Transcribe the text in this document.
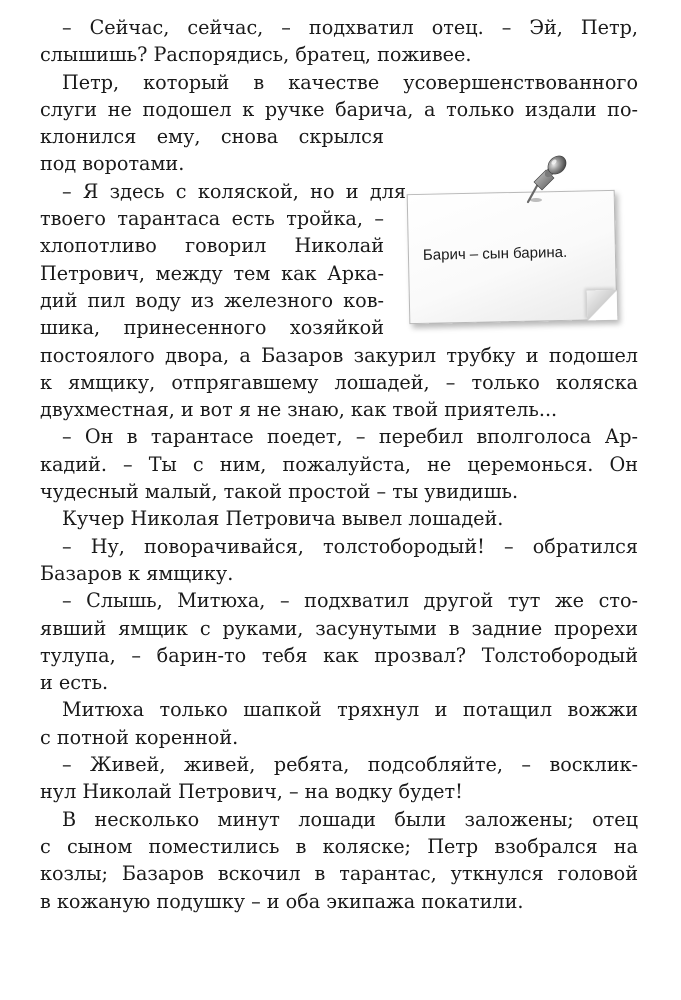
– Сейчас, сейчас, – подхватил отец. – Эй, Петр,
слышишь? Распорядись, братец, поживее.
Петр, который в качестве усовершенствованного
слуги не подошел к ручке барича, а только издали по-
клонился ему, снова скрылся
под воротами.
– Я здесь с коляской, но и для
твоего тарантаса есть тройка, –
хлопотливо говорил Николай
Петрович, между тем как Арка-
дий пил воду из железного ков-
шика, принесенного хозяйкой
постоялого двора, а Базаров закурил трубку и подошел
к ямщику, отпрягавшему лошадей, – только коляска
двухместная, и вот я не знаю, как твой приятель...
– Он в тарантасе поедет, – перебил вполголоса Ар-
кадий. – Ты с ним, пожалуйста, не церемонься. Он
чудесный малый, такой простой – ты увидишь.
Кучер Николая Петровича вывел лошадей.
– Ну, поворачивайся, толстобородый! – обратился
Базаров к ямщику.
– Слышь, Митюха, – подхватил другой тут же сто-
явший ямщик с руками, засунутыми в задние прорехи
тулупа, – барин-то тебя как прозвал? Толстобородый
и есть.
Митюха только шапкой тряхнул и потащил вожжи
с потной коренной.
– Живей, живей, ребята, подсобляйте, – восклик-
нул Николай Петрович, – на водку будет!
В несколько минут лошади были заложены; отец
с сыном поместились в коляске; Петр взобрался на
козлы; Базаров вскочил в тарантас, уткнулся головой
в кожаную подушку – и оба экипажа покатили.
Барич – сын барина.
